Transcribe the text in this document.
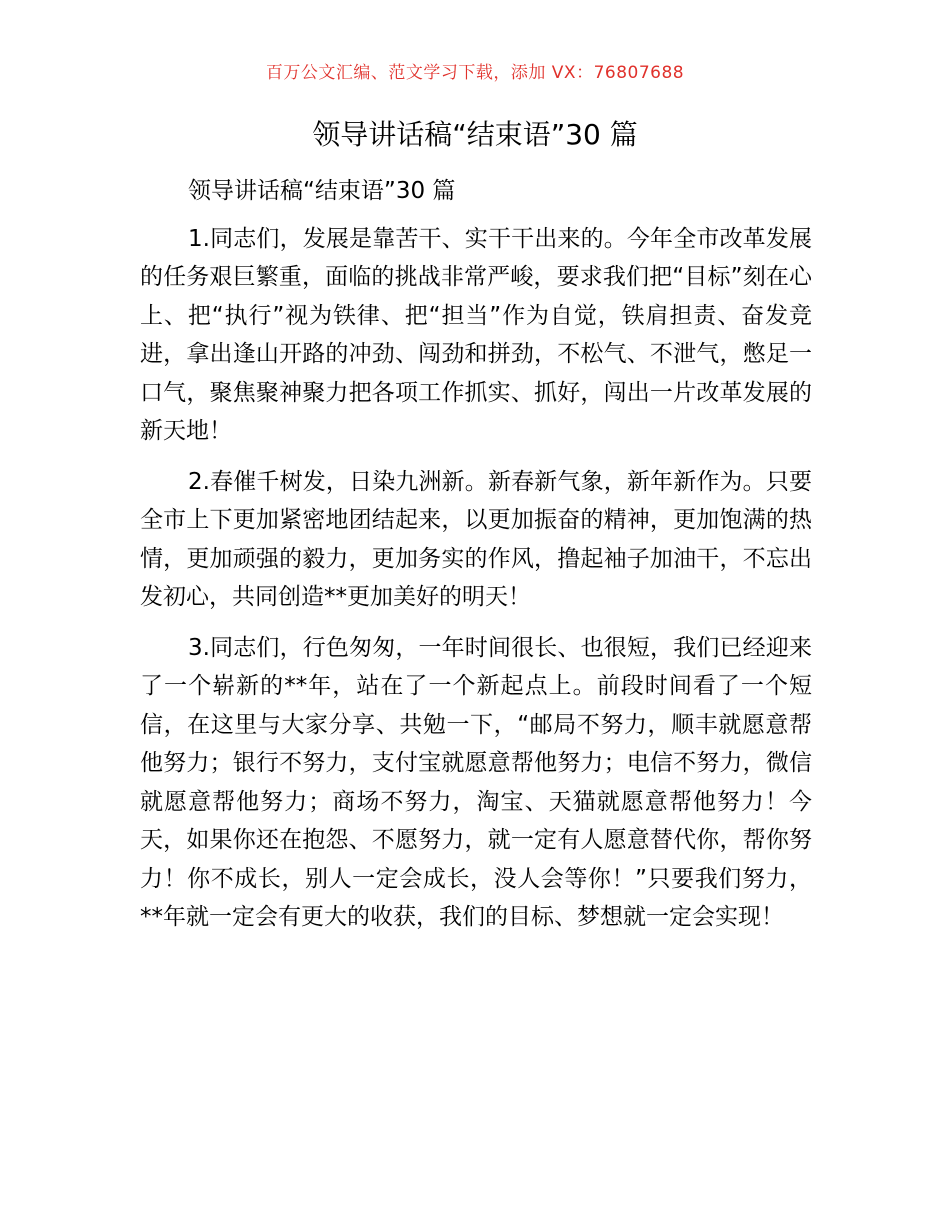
百万公文汇编、范文学习下载，添加 VX：76807688
领导讲话稿“结束语”30 篇

领导讲话稿“结束语”30 篇

1.同志们，发展是靠苦干、实干干出来的。今年全市改革发展的任务艰巨繁重，面临的挑战非常严峻，要求我们把“目标”刻在心上、把“执行”视为铁律、把“担当”作为自觉，铁肩担责、奋发竞进，拿出逢山开路的冲劲、闯劲和拼劲，不松气、不泄气，憋足一口气，聚焦聚神聚力把各项工作抓实、抓好，闯出一片改革发展的新天地！

2.春催千树发，日染九洲新。新春新气象，新年新作为。只要全市上下更加紧密地团结起来，以更加振奋的精神，更加饱满的热情，更加顽强的毅力，更加务实的作风，撸起袖子加油干，不忘出发初心，共同创造**更加美好的明天！

3.同志们，行色匆匆，一年时间很长、也很短，我们已经迎来了一个崭新的**年，站在了一个新起点上。前段时间看了一个短信，在这里与大家分享、共勉一下，“邮局不努力，顺丰就愿意帮他努力；银行不努力，支付宝就愿意帮他努力；电信不努力，微信就愿意帮他努力；商场不努力，淘宝、天猫就愿意帮他努力！今天，如果你还在抱怨、不愿努力，就一定有人愿意替代你，帮你努力！你不成长，别人一定会成长，没人会等你！”只要我们努力，**年就一定会有更大的收获，我们的目标、梦想就一定会实现！
